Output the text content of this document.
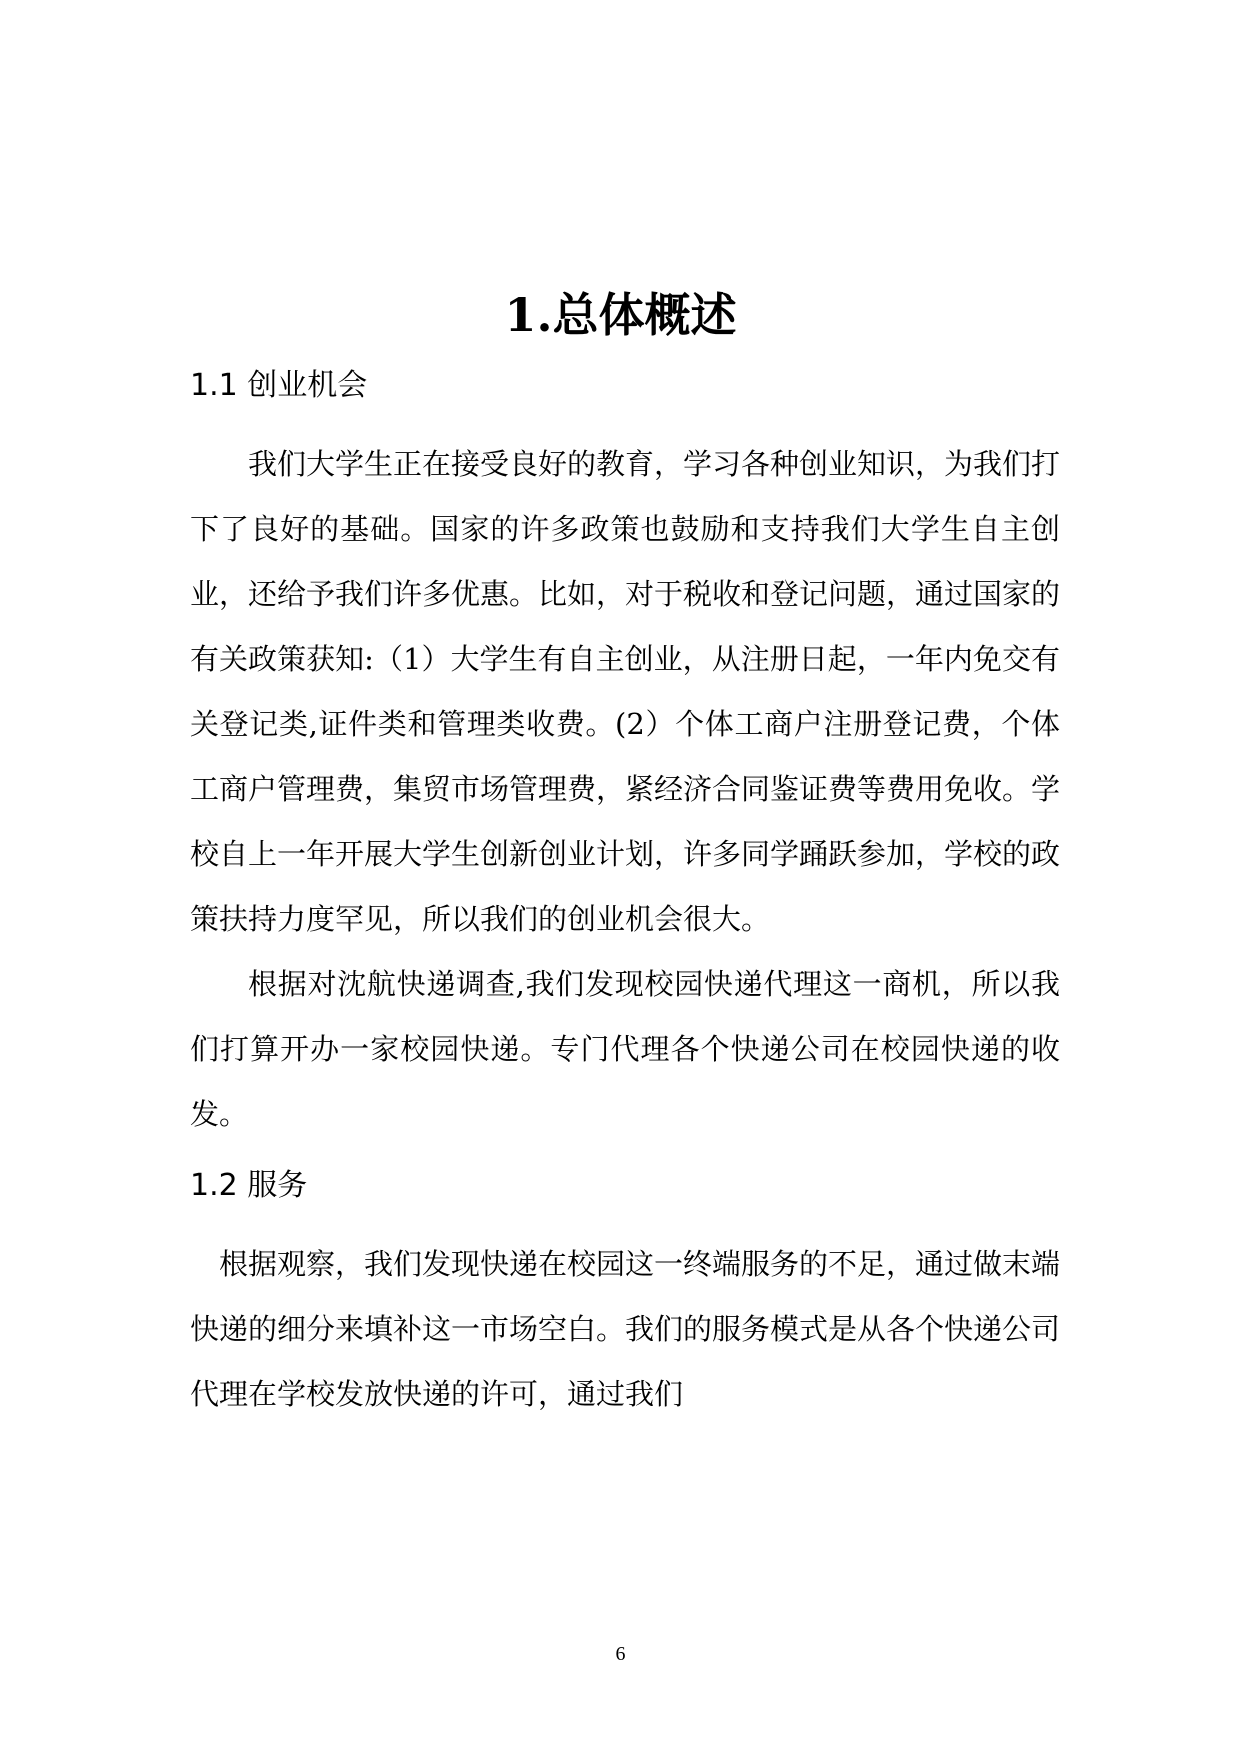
1.总体概述
1.1 创业机会

我们大学生正在接受良好的教育，学习各种创业知识，为我们打下了良好的基础。国家的许多政策也鼓励和支持我们大学生自主创业，还给予我们许多优惠。比如，对于税收和登记问题，通过国家的有关政策获知:（1）大学生有自主创业，从注册日起，一年内免交有关登记类,证件类和管理类收费。(2）个体工商户注册登记费，个体工商户管理费，集贸市场管理费，紧经济合同鉴证费等费用免收。学校自上一年开展大学生创新创业计划，许多同学踊跃参加，学校的政策扶持力度罕见，所以我们的创业机会很大。

根据对沈航快递调查,我们发现校园快递代理这一商机，所以我们打算开办一家校园快递。专门代理各个快递公司在校园快递的收发。

1.2 服务

根据观察，我们发现快递在校园这一终端服务的不足，通过做末端快递的细分来填补这一市场空白。我们的服务模式是从各个快递公司代理在学校发放快递的许可，通过我们

6
